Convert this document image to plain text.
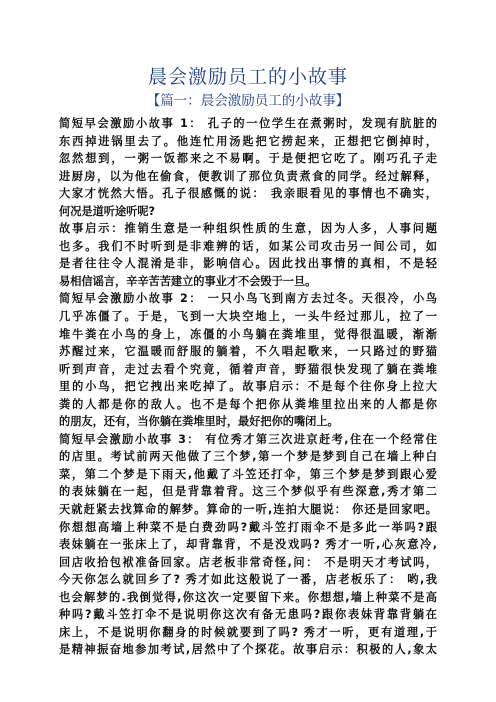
晨会激励员工的小故事
【篇一：晨会激励员工的小故事】
简短早会激励小故事 1： 孔子的一位学生在煮粥时，发现有肮脏的
东西掉进锅里去了。他连忙用汤匙把它捞起来，正想把它倒掉时，
忽然想到，一粥一饭都来之不易啊。于是便把它吃了。刚巧孔子走
进厨房，以为他在偷食，便教训了那位负责煮食的同学。经过解释，
大家才恍然大悟。孔子很感慨的说： 我亲眼看见的事情也不确实，
何况是道听途听呢?
故事启示：推销生意是一种组织性质的生意，因为人多，人事问题
也多。我们不时听到是非难辨的话，如某公司攻击另一间公司，如
是者往往令人混淆是非，影响信心。因此找出事情的真相，不是轻
易相信谣言，辛辛苦苦建立的事业才不会毁于一旦。
简短早会激励小故事 2： 一只小鸟飞到南方去过冬。天很冷，小鸟
几乎冻僵了。于是，飞到一大块空地上，一头牛经过那儿，拉了一
堆牛粪在小鸟的身上，冻僵的小鸟躺在粪堆里，觉得很温暖，渐渐
苏醒过来，它温暖而舒服的躺着，不久唱起歌来，一只路过的野猫
听到声音，走过去看个究竟，循着声音，野猫很快发现了躺在粪堆
里的小鸟，把它拽出来吃掉了。故事启示：不是每个往你身上拉大
粪的人都是你的敌人。也不是每个把你从粪堆里拉出来的人都是你
的朋友，还有，当你躺在粪堆里时，最好把你的嘴闭上。
简短早会激励小故事 3： 有位秀才第三次进京赶考,住在一个经常住
的店里。考试前两天他做了三个梦,第一个梦是梦到自己在墙上种白
菜，第二个梦是下雨天,他戴了斗笠还打伞，第三个梦是梦到跟心爱
的表妹躺在一起，但是背靠着背。这三个梦似乎有些深意,秀才第二
天就赶紧去找算命的解梦。算命的一听,连拍大腿说： 你还是回家吧。
你想想高墙上种菜不是白费劲吗?戴斗笠打雨伞不是多此一举吗?跟
表妹躺在一张床上了，却背靠背，不是没戏吗? 秀才一听,心灰意冷,
回店收拾包袱准备回家。店老板非常奇怪,问： 不是明天才考试吗，
今天你怎么就回乡了? 秀才如此这般说了一番，店老板乐了： 哟,我
也会解梦的.我倒觉得,你这次一定要留下来。你想想,墙上种菜不是高
种吗?戴斗笠打伞不是说明你这次有备无患吗?跟你表妹背靠背躺在
床上，不是说明你翻身的时候就要到了吗? 秀才一听，更有道理,于
是精神振奋地参加考试,居然中了个探花。故事启示：积极的人,象太
